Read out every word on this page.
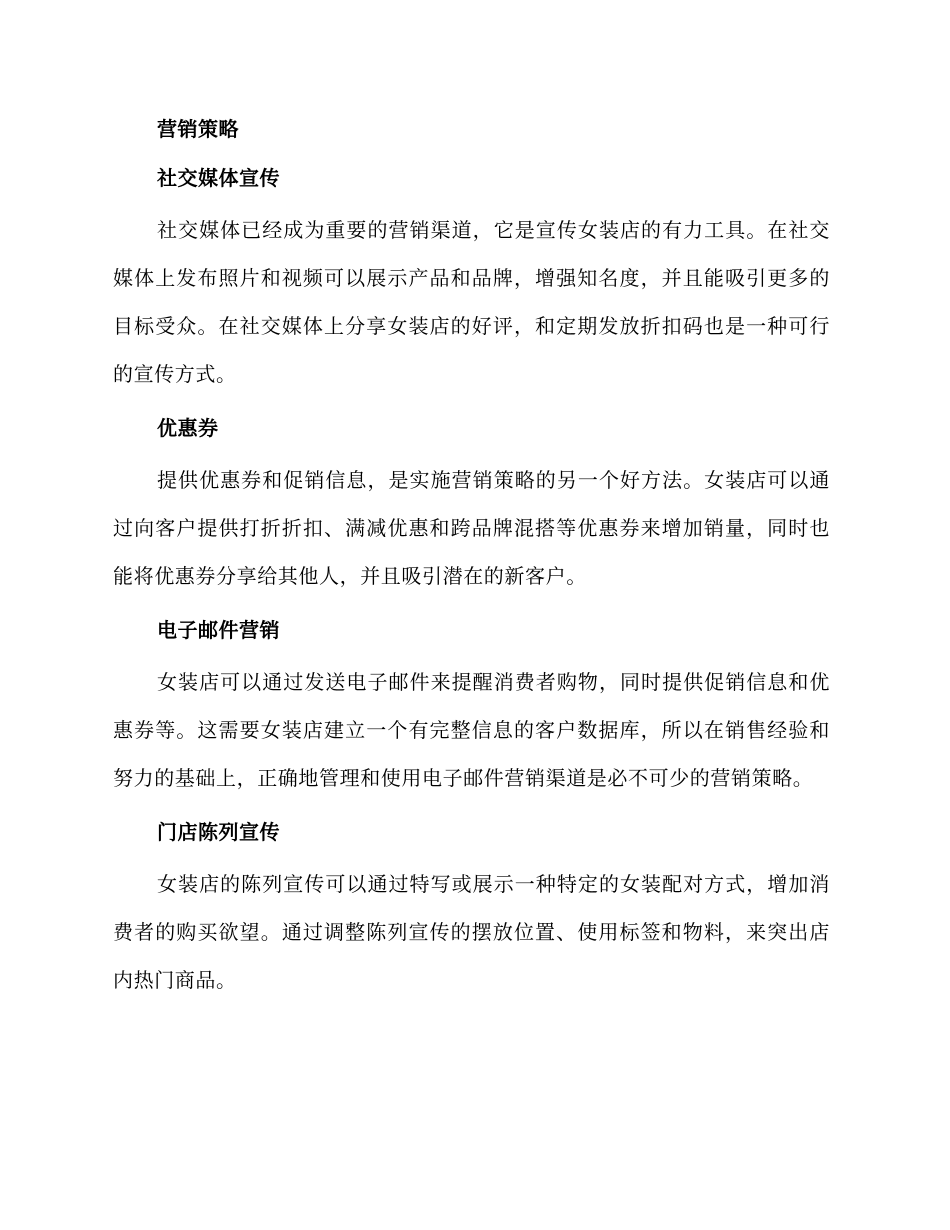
营销策略
社交媒体宣传

社交媒体已经成为重要的营销渠道，它是宣传女装店的有力工具。在社交媒体上发布照片和视频可以展示产品和品牌，增强知名度，并且能吸引更多的目标受众。在社交媒体上分享女装店的好评，和定期发放折扣码也是一种可行的宣传方式。

优惠券

提供优惠券和促销信息，是实施营销策略的另一个好方法。女装店可以通过向客户提供打折折扣、满减优惠和跨品牌混搭等优惠券来增加销量，同时也能将优惠券分享给其他人，并且吸引潜在的新客户。

电子邮件营销

女装店可以通过发送电子邮件来提醒消费者购物，同时提供促销信息和优惠券等。这需要女装店建立一个有完整信息的客户数据库，所以在销售经验和努力的基础上，正确地管理和使用电子邮件营销渠道是必不可少的营销策略。

门店陈列宣传

女装店的陈列宣传可以通过特写或展示一种特定的女装配对方式，增加消费者的购买欲望。通过调整陈列宣传的摆放位置、使用标签和物料，来突出店内热门商品。
